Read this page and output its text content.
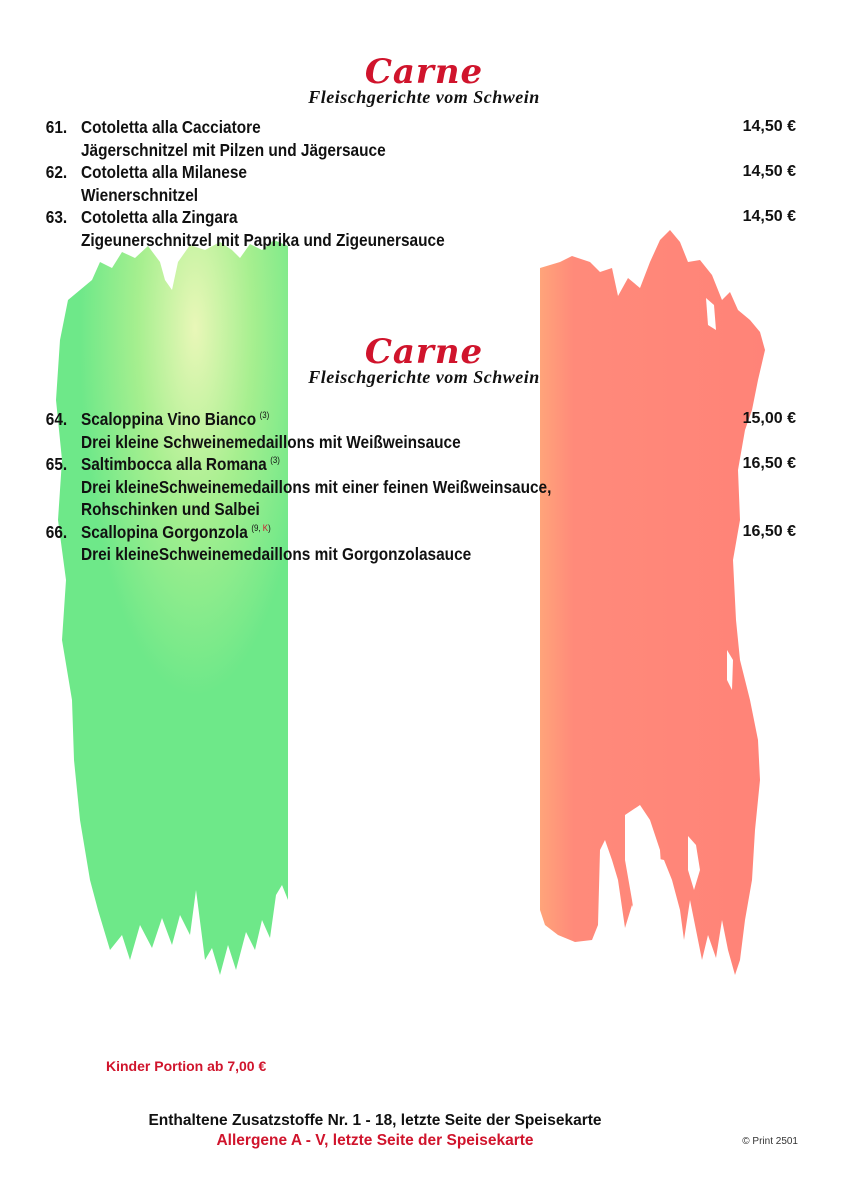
Carne
Fleischgerichte vom Schwein
61. Cotoletta alla Cacciatore	14,50 €
Jägerschnitzel mit Pilzen und Jägersauce
62. Cotoletta alla Milanese	14,50 €
Wienerschnitzel
63. Cotoletta alla Zingara	14,50 €
Zigeunerschnitzel mit Paprika und Zigeunersauce
Carne
Fleischgerichte vom Schwein
64. Scaloppina Vino Bianco $^{(3)}$	15,00 €
Drei kleine Schweinemedaillons mit Weißweinsauce
65. Saltimbocca alla Romana $^{(3)}$	16,50 €
Drei kleineSchweinemedaillons mit einer feinen Weißweinsauce,
Rohschinken und Salbei
66. Scallopina Gorgonzola $^{(9, K)}$	16,50 €
Drei kleineSchweinemedaillons mit Gorgonzolasauce
Kinder Portion ab 7,00 €
Enthaltene Zusatzstoffe Nr. 1 - 18, letzte Seite der Speisekarte
Allergene A - V, letzte Seite der Speisekarte	© Print 2501
